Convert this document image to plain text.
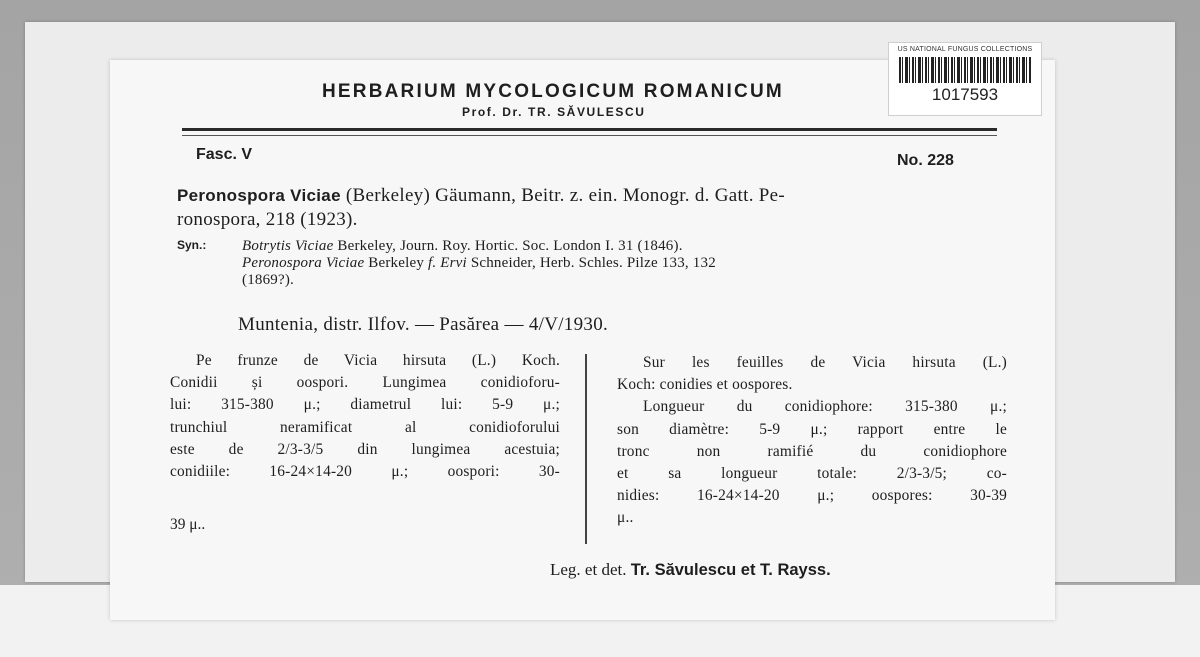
US NATIONAL FUNGUS COLLECTIONS
1017593
HERBARIUM MYCOLOGICUM ROMANICUM
Prof. Dr. TR. SĂVULESCU
Fasc. V	No. 228
Peronospora Viciae (Berkeley) Gäumann, Beitr. z. ein. Monogr. d. Gatt. Pe-
ronospora, 218 (1923).
Syn.: Botrytis Viciae Berkeley, Journ. Roy. Hortic. Soc. London I. 31 (1846).
Peronospora Viciae Berkeley f. Ervi Schneider, Herb. Schles. Pilze 133, 132
(1869?).
Muntenia, distr. Ilfov. — Pasărea — 4/V/1930.
Pe frunze de Vicia hirsuta (L.) Koch.
Conidii și oospori. Lungimea conidioforu-
lui: 315-380 μ.; diametrul lui: 5-9 μ.;
trunchiul neramificat al conidioforului
este de 2/3-3/5 din lungimea acestuia;
conidiile: 16-24×14-20 μ.; oospori: 30-
39 μ..
Sur les feuilles de Vicia hirsuta (L.)
Koch: conidies et oospores.
Longueur du conidiophore: 315-380 μ.;
son diamètre: 5-9 μ.; rapport entre le
tronc non ramifié du conidiophore
et sa longueur totale: 2/3-3/5; co-
nidies: 16-24×14-20 μ.; oospores: 30-39
μ..
Leg. et det. Tr. Săvulescu et T. Rayss.
